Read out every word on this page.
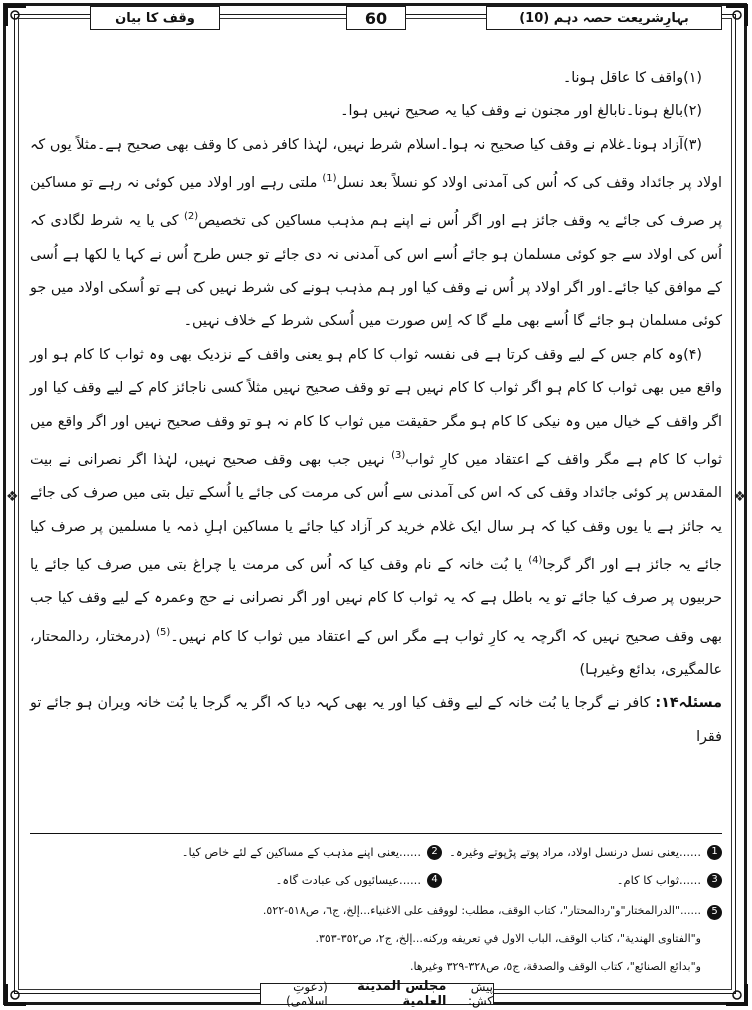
❖	❖
بہارِشریعت حصہ دہم (10)
60
وقف کا بیان

(۱)واقف کا عاقل ہونا۔

(۲)بالغ ہونا۔نابالغ اور مجنون نے وقف کیا یہ صحیح نہیں ہوا۔

(۳)آزاد ہونا۔غلام نے وقف کیا صحیح نہ ہوا۔اسلام شرط نہیں، لہٰذا کافر ذمی کا وقف بھی صحیح ہے۔مثلاً یوں کہ اولاد پر جائداد وقف کی کہ اُس کی آمدنی اولاد کو نسلاً بعد نسل$^{(1)}$ ملتی رہے اور اولاد میں کوئی نہ رہے تو مساکین پر صرف کی جائے یہ وقف جائز ہے اور اگر اُس نے اپنے ہم مذہب مساکین کی تخصیص$^{(2)}$ کی یا یہ شرط لگادی کہ اُس کی اولاد سے جو کوئی مسلمان ہو جائے اُسے اس کی آمدنی نہ دی جائے تو جس طرح اُس نے کہا یا لکھا ہے اُسی کے موافق کیا جائے۔اور اگر اولاد پر اُس نے وقف کیا اور ہم مذہب ہونے کی شرط نہیں کی ہے تو اُسکی اولاد میں جو کوئی مسلمان ہو جائے گا اُسے بھی ملے گا کہ اِس صورت میں اُسکی شرط کے خلاف نہیں۔

(۴)وہ کام جس کے لیے وقف کرتا ہے فی نفسہ ثواب کا کام ہو یعنی واقف کے نزدیک بھی وہ ثواب کا کام ہو اور واقع میں بھی ثواب کا کام ہو اگر ثواب کا کام نہیں ہے تو وقف صحیح نہیں مثلاً کسی ناجائز کام کے لیے وقف کیا اور اگر واقف کے خیال میں وہ نیکی کا کام ہو مگر حقیقت میں ثواب کا کام نہ ہو تو وقف صحیح نہیں اور اگر واقع میں ثواب کا کام ہے مگر واقف کے اعتقاد میں کارِ ثواب$^{(3)}$ نہیں جب بھی وقف صحیح نہیں، لہٰذا اگر نصرانی نے بیت المقدس پر کوئی جائداد وقف کی کہ اس کی آمدنی سے اُس کی مرمت کی جائے یا اُسکے تیل بتی میں صرف کی جائے یہ جائز ہے یا یوں وقف کیا کہ ہر سال ایک غلام خرید کر آزاد کیا جائے یا مساکین اہلِ ذمہ یا مسلمین پر صرف کیا جائے یہ جائز ہے اور اگر گرجا$^{(4)}$ یا بُت خانہ کے نام وقف کیا کہ اُس کی مرمت یا چراغ بتی میں صرف کیا جائے یا حربیوں پر صرف کیا جائے تو یہ باطل ہے کہ یہ ثواب کا کام نہیں اور اگر نصرانی نے حج وعمرہ کے لیے وقف کیا جب بھی وقف صحیح نہیں کہ اگرچہ یہ کارِ ثواب ہے مگر اس کے اعتقاد میں ثواب کا کام نہیں۔$^{(5)}$ (درمختار، ردالمحتار، عالمگیری، بدائع وغیرہا)

مسئلہ۱۴: کافر نے گرجا یا بُت خانہ کے لیے وقف کیا اور یہ بھی کہہ دیا کہ اگر یہ گرجا یا بُت خانہ ویران ہو جائے تو فقرا

1
......یعنی نسل درنسل اولاد، مراد پوتے پڑپوتے وغیرہ۔
2
......یعنی اپنے مذہب کے مساکین کے لئے خاص کیا۔
3
......ثواب کا کام۔
4
......عیسائیوں کی عبادت گاہ۔
5......"الدرالمختار"و"ردالمحتار"، كتاب الوقف، مطلب: لووقف علی الاغنياء...إلخ، ج٦، ص٥١٨-٥٢٢.
و"الفتاوی الهندية"، كتاب الوقف، الباب الاول في تعريفه وركنه...إلخ، ج٢، ص٣٥٢-٣٥٣.
و"بدائع الصنائع"، كتاب الوقف والصدقة، ج٥، ص٣٢٨-٣٢٩ وغيرها.
پیش کش:
مجلس المدینة العلمیة
(دعوتِ اسلامی)
